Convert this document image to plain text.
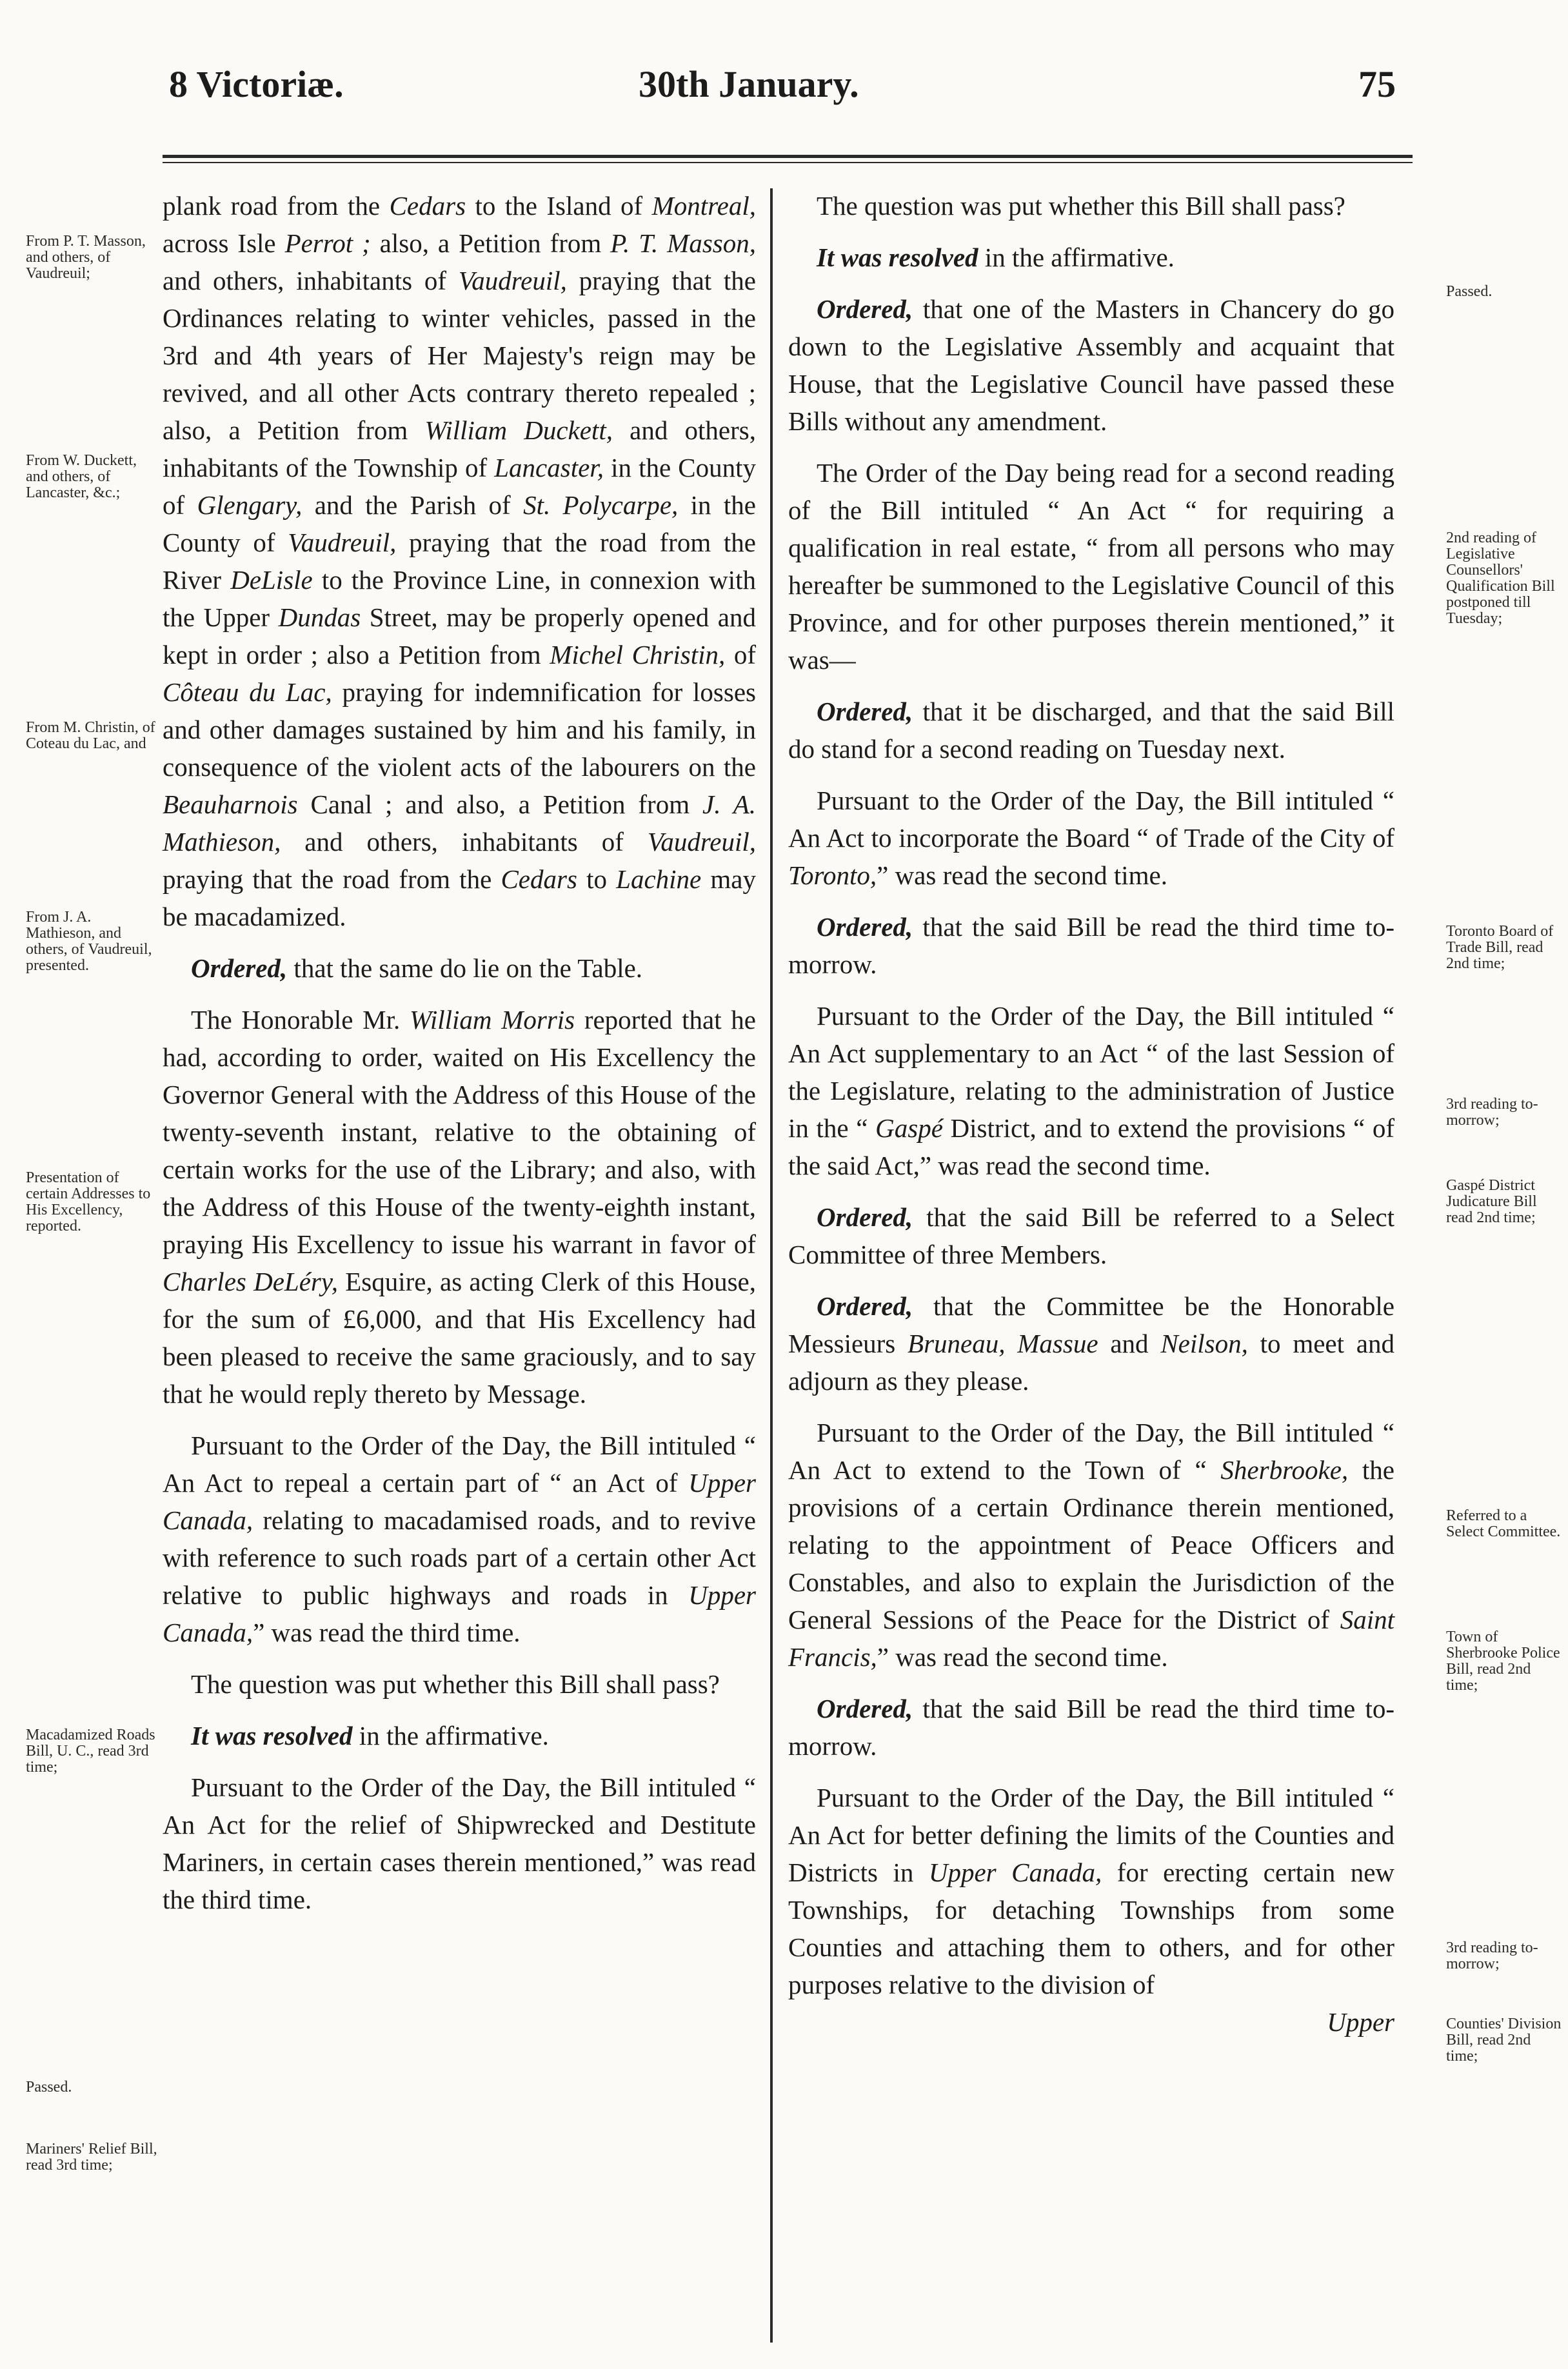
8 Victoriæ.	30th January.	75
From P. T. Masson, and others, of Vaudreuil;
From W. Duckett, and others, of Lancaster, &c.;
From M. Christin, of Coteau du Lac, and
From J. A. Mathieson, and others, of Vaudreuil, presented.
Presentation of certain Addresses to His Excellency, reported.
Macadamized Roads Bill, U. C., read 3rd time;
Passed.
Mariners' Relief Bill, read 3rd time;
Passed.
2nd reading of Legislative Counsellors' Qualification Bill postponed till Tuesday;
Toronto Board of Trade Bill, read 2nd time;
3rd reading to-morrow;
Gaspé District Judicature Bill read 2nd time;
Referred to a Select Committee.
Town of Sherbrooke Police Bill, read 2nd time;
3rd reading to-morrow;
Counties' Division Bill, read 2nd time;

plank road from the Cedars to the Island of Montreal, across Isle Perrot ; also, a Petition from P. T. Masson, and others, inhabitants of Vaudreuil, praying that the Ordinances relating to winter vehicles, passed in the 3rd and 4th years of Her Majesty's reign may be revived, and all other Acts contrary thereto repealed ; also, a Petition from William Duckett, and others, inhabitants of the Township of Lancaster, in the County of Glengary, and the Parish of St. Polycarpe, in the County of Vaudreuil, praying that the road from the River DeLisle to the Province Line, in connexion with the Upper Dundas Street, may be properly opened and kept in order ; also a Petition from Michel Christin, of Côteau du Lac, praying for indemnification for losses and other damages sustained by him and his family, in consequence of the violent acts of the labourers on the Beauharnois Canal ; and also, a Petition from J. A. Mathieson, and others, inhabitants of Vaudreuil, praying that the road from the Cedars to Lachine may be macadamized.

Ordered, that the same do lie on the Table.

The Honorable Mr. William Morris reported that he had, according to order, waited on His Excellency the Governor General with the Address of this House of the twenty-seventh instant, relative to the obtaining of certain works for the use of the Library; and also, with the Address of this House of the twenty-eighth instant, praying His Excellency to issue his warrant in favor of Charles DeLéry, Esquire, as acting Clerk of this House, for the sum of £6,000, and that His Excellency had been pleased to receive the same graciously, and to say that he would reply thereto by Message.

Pursuant to the Order of the Day, the Bill intituled “ An Act to repeal a certain part of “ an Act of Upper Canada, relating to macadamised roads, and to revive with reference to such roads part of a certain other Act relative to public highways and roads in Upper Canada,” was read the third time.

The question was put whether this Bill shall pass?

It was resolved in the affirmative.

Pursuant to the Order of the Day, the Bill intituled “ An Act for the relief of Shipwrecked and Destitute Mariners, in certain cases therein mentioned,” was read the third time.

The question was put whether this Bill shall pass?

It was resolved in the affirmative.

Ordered, that one of the Masters in Chancery do go down to the Legislative Assembly and acquaint that House, that the Legislative Council have passed these Bills without any amendment.

The Order of the Day being read for a second reading of the Bill intituled “ An Act “ for requiring a qualification in real estate, “ from all persons who may hereafter be summoned to the Legislative Council of this Province, and for other purposes therein mentioned,” it was—

Ordered, that it be discharged, and that the said Bill do stand for a second reading on Tuesday next.

Pursuant to the Order of the Day, the Bill intituled “ An Act to incorporate the Board “ of Trade of the City of Toronto,” was read the second time.

Ordered, that the said Bill be read the third time to-morrow.

Pursuant to the Order of the Day, the Bill intituled “ An Act supplementary to an Act “ of the last Session of the Legislature, relating to the administration of Justice in the “ Gaspé District, and to extend the provisions “ of the said Act,” was read the second time.

Ordered, that the said Bill be referred to a Select Committee of three Members.

Ordered, that the Committee be the Honorable Messieurs Bruneau, Massue and Neilson, to meet and adjourn as they please.

Pursuant to the Order of the Day, the Bill intituled “ An Act to extend to the Town of “ Sherbrooke, the provisions of a certain Ordinance therein mentioned, relating to the appointment of Peace Officers and Constables, and also to explain the Jurisdiction of the General Sessions of the Peace for the District of Saint Francis,” was read the second time.

Ordered, that the said Bill be read the third time to-morrow.

Pursuant to the Order of the Day, the Bill intituled “ An Act for better defining the limits of the Counties and Districts in Upper Canada, for erecting certain new Townships, for detaching Townships from some Counties and attaching them to others, and for other purposes relative to the division of

Upper
